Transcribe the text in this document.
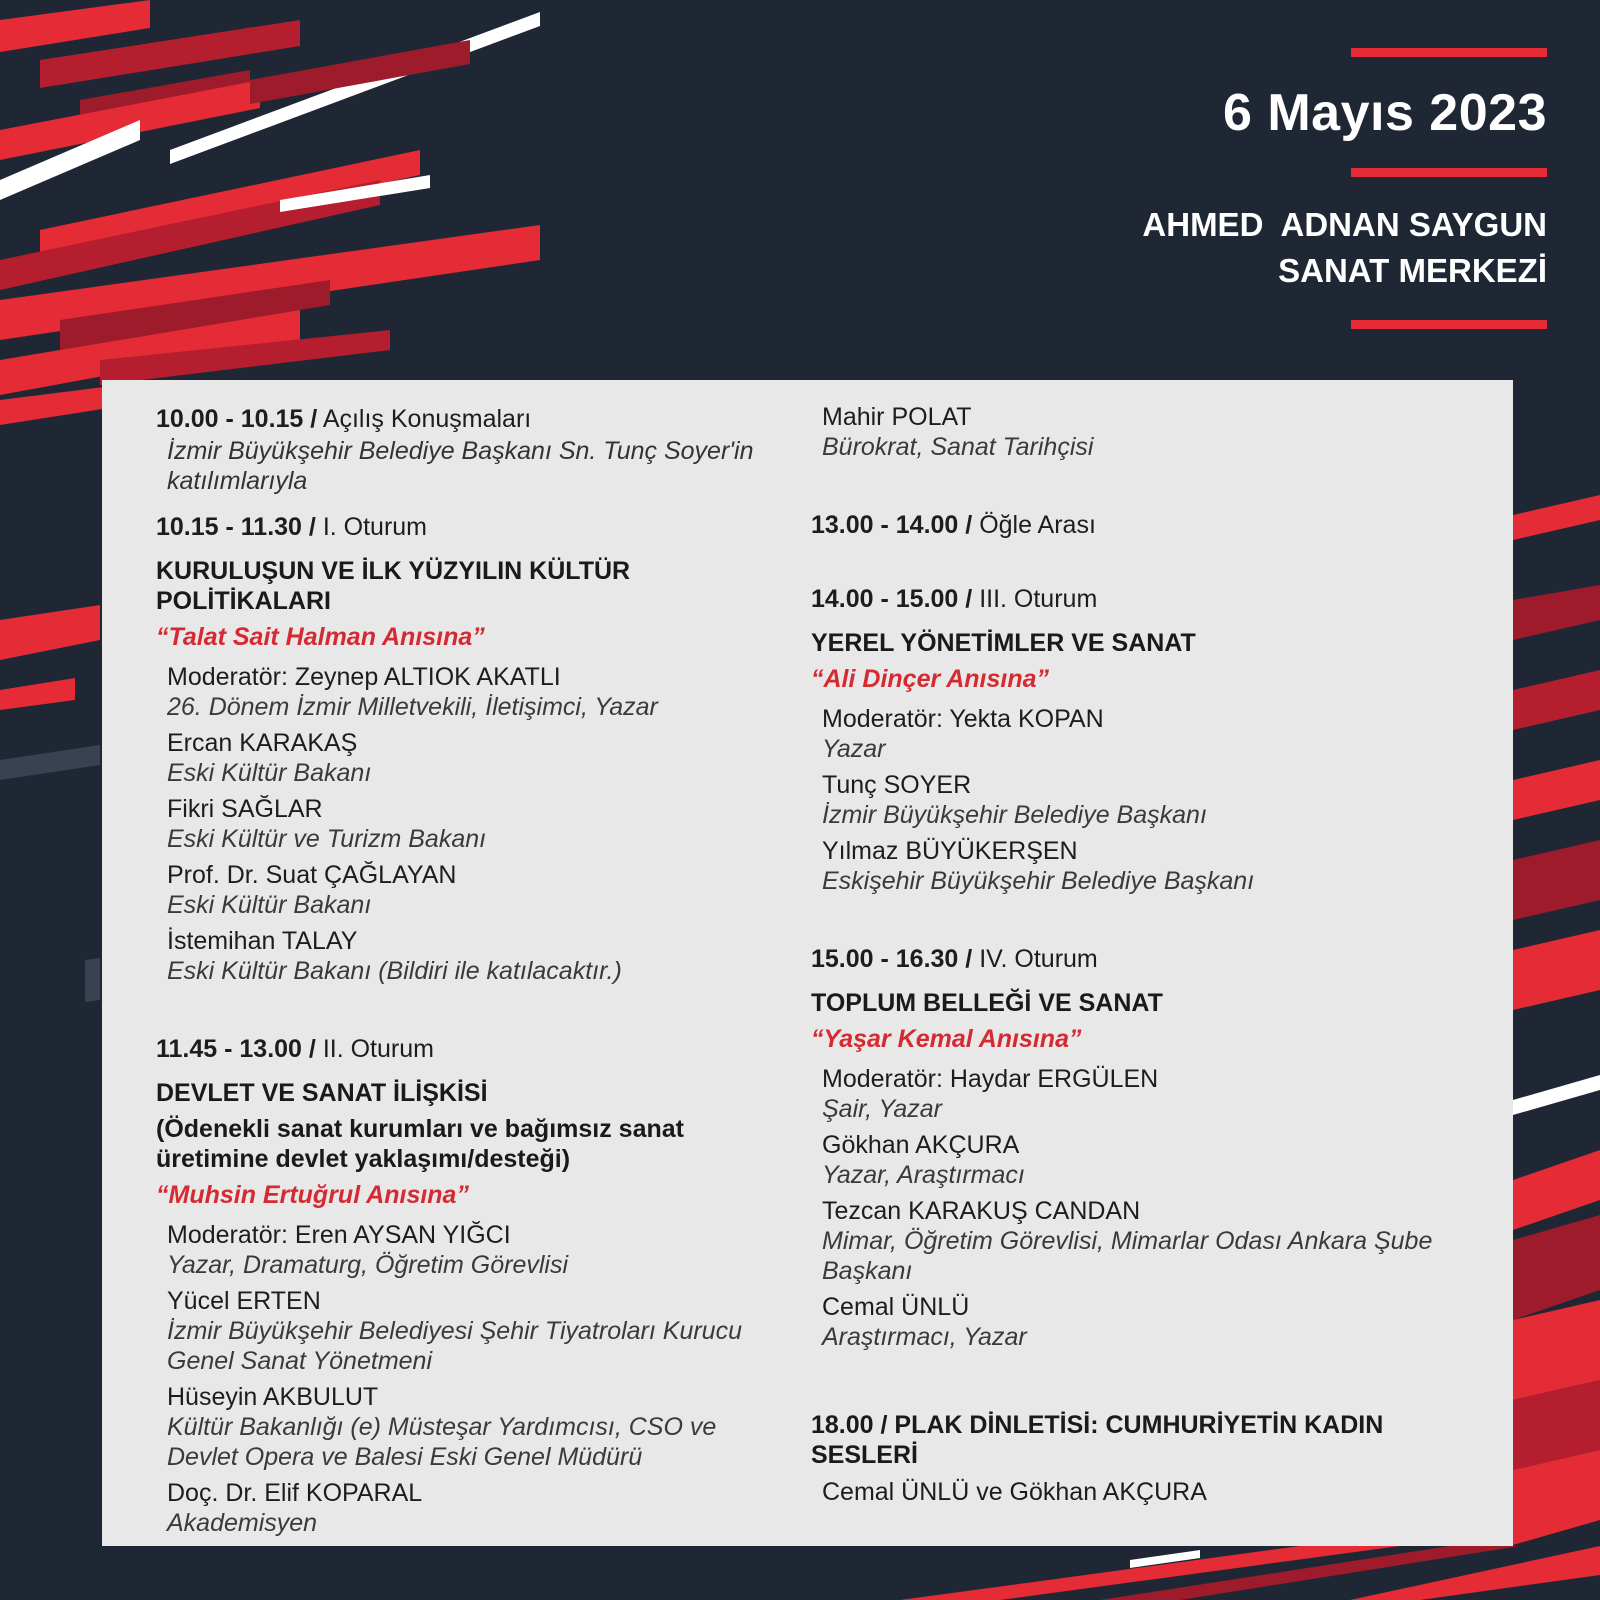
6 Mayıs 2023
AHMED  ADNAN SAYGUN
SANAT MERKEZİ
10.00 - 10.15 / Açılış Konuşmaları
İzmir Büyükşehir Belediye Başkanı Sn. Tunç Soyer'in katılımlarıyla
10.15 - 11.30 / I. Oturum
KURULUŞUN VE İLK YÜZYILIN KÜLTÜR POLİTİKALARI
“Talat Sait Halman Anısına”
Moderatör: Zeynep ALTIOK AKATLI
26. Dönem İzmir Milletvekili, İletişimci, Yazar
Ercan KARAKAŞ
Eski Kültür Bakanı
Fikri SAĞLAR
Eski Kültür ve Turizm Bakanı
Prof. Dr. Suat ÇAĞLAYAN
Eski Kültür Bakanı
İstemihan TALAY
Eski Kültür Bakanı (Bildiri ile katılacaktır.)
11.45 - 13.00 / II. Oturum
DEVLET VE SANAT İLİŞKİSİ
(Ödenekli sanat kurumları ve bağımsız sanat üretimine devlet yaklaşımı/desteği)
“Muhsin Ertuğrul Anısına”
Moderatör: Eren AYSAN YIĞCI
Yazar, Dramaturg, Öğretim Görevlisi
Yücel ERTEN
İzmir Büyükşehir Belediyesi Şehir Tiyatroları Kurucu Genel Sanat Yönetmeni
Hüseyin AKBULUT
Kültür Bakanlığı (e) Müsteşar Yardımcısı, CSO ve Devlet Opera ve Balesi Eski Genel Müdürü
Doç. Dr. Elif KOPARAL
Akademisyen
Mahir POLAT
Bürokrat, Sanat Tarihçisi
13.00 - 14.00 / Öğle Arası
14.00 - 15.00 / III. Oturum
YEREL YÖNETİMLER VE SANAT
“Ali Dinçer Anısına”
Moderatör: Yekta KOPAN
Yazar
Tunç SOYER
İzmir Büyükşehir Belediye Başkanı
Yılmaz BÜYÜKERŞEN
Eskişehir Büyükşehir Belediye Başkanı
15.00 - 16.30 / IV. Oturum
TOPLUM BELLEĞİ VE SANAT
“Yaşar Kemal Anısına”
Moderatör: Haydar ERGÜLEN
Şair, Yazar
Gökhan AKÇURA
Yazar, Araştırmacı
Tezcan KARAKUŞ CANDAN
Mimar, Öğretim Görevlisi, Mimarlar Odası Ankara Şube Başkanı
Cemal ÜNLÜ
Araştırmacı, Yazar
18.00 / PLAK DİNLETİSİ: CUMHURİYETİN KADIN SESLERİ
Cemal ÜNLÜ ve Gökhan AKÇURA
